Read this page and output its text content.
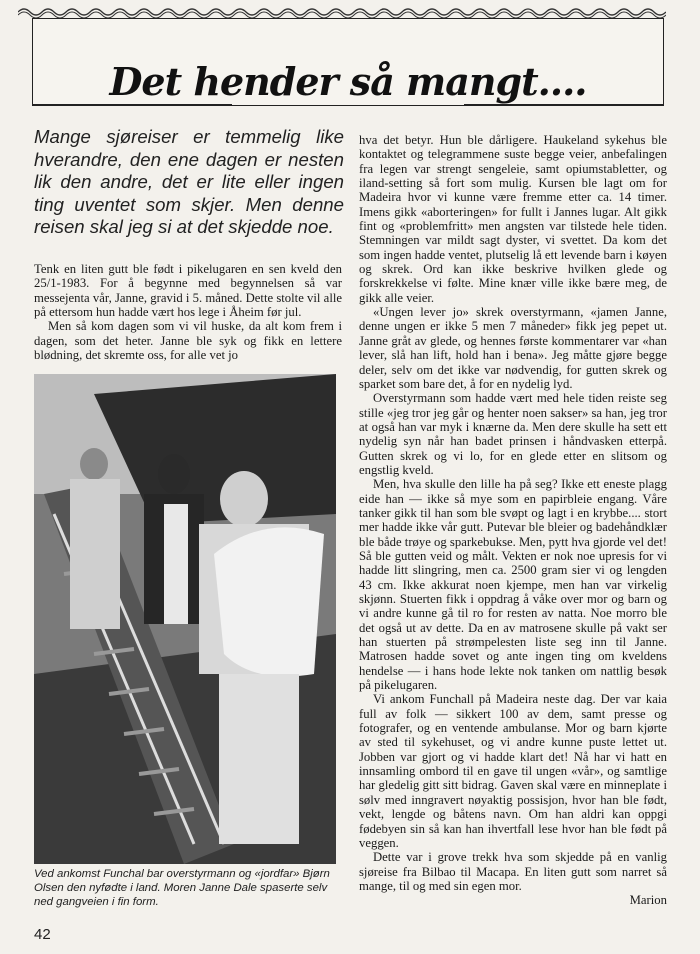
Det hender så mangt....
Mange sjøreiser er temmelig like hverandre, den ene dagen er nesten lik den andre, det er lite eller ingen ting uventet som skjer. Men denne reisen skal jeg si at det skjedde noe.

Tenk en liten gutt ble født i pikelugaren en sen kveld den 25/1-1983. For å begynne med begynnelsen så var messejenta vår, Janne, gravid i 5. måned. Dette stolte vil alle på ettersom hun hadde vært hos lege i Åheim før jul.

Men så kom dagen som vi vil huske, da alt kom frem i dagen, som det heter. Janne ble syk og fikk en lettere blødning, det skremte oss, for alle vet jo

Ved ankomst Funchal bar overstyrmann og «jordfar» Bjørn Olsen den nyfødte i land. Moren Janne Dale spaserte selv ned gangveien i fin form.

hva det betyr. Hun ble dårligere. Haukeland sykehus ble kontaktet og telegrammene suste begge veier, anbefalingen fra legen var strengt sengeleie, samt opiumstabletter, og iland-setting så fort som mulig. Kursen ble lagt om for Madeira hvor vi kunne være fremme etter ca. 14 timer. Imens gikk «aborteringen» for fullt i Jannes lugar. Alt gikk fint og «problemfritt» men angsten var tilstede hele tiden. Stemningen var mildt sagt dyster, vi svettet. Da kom det som ingen hadde ventet, plutselig lå ett levende barn i køyen og skrek. Ord kan ikke beskrive hvilken glede og forskrekkelse vi følte. Mine knær ville ikke bære meg, de gikk alle veier.

«Ungen lever jo» skrek overstyrmann, «jamen Janne, denne ungen er ikke 5 men 7 måneder» fikk jeg pepet ut. Janne gråt av glede, og hennes første kommentarer var «han lever, slå han lift, hold han i bena». Jeg måtte gjøre begge deler, selv om det ikke var nødvendig, for gutten skrek og sparket som bare det, å for en nydelig lyd.

Overstyrmann som hadde vært med hele tiden reiste seg stille «jeg tror jeg går og henter noen sakser» sa han, jeg tror at også han var myk i knærne da. Men dere skulle ha sett ett nydelig syn når han badet prinsen i håndvasken etterpå. Gutten skrek og vi lo, for en glede etter en slitsom og engstlig kveld.

Men, hva skulle den lille ha på seg? Ikke ett eneste plagg eide han — ikke så mye som en papirbleie engang. Våre tanker gikk til han som ble svøpt og lagt i en krybbe.... stort mer hadde ikke vår gutt. Putevar ble bleier og badehåndklær ble både trøye og sparkebukse. Men, pytt hva gjorde vel det! Så ble gutten veid og målt. Vekten er nok noe upresis for vi hadde litt slingring, men ca. 2500 gram sier vi og lengden 43 cm. Ikke akkurat noen kjempe, men han var virkelig skjønn. Stuerten fikk i oppdrag å våke over mor og barn og vi andre kunne gå til ro for resten av natta. Noe morro ble det også ut av dette. Da en av matrosene skulle på vakt ser han stuerten på strømpelesten liste seg inn til Janne. Matrosen hadde sovet og ante ingen ting om kveldens hendelse — i hans hode lekte nok tanken om nattlig besøk på pikelugaren.

Vi ankom Funchall på Madeira neste dag. Der var kaia full av folk — sikkert 100 av dem, samt presse og fotografer, og en ventende ambulanse. Mor og barn kjørte av sted til sykehuset, og vi andre kunne puste lettet ut. Jobben var gjort og vi hadde klart det! Nå har vi hatt en innsamling ombord til en gave til ungen «vår», og samtlige har gledelig gitt sitt bidrag. Gaven skal være en minneplate i sølv med inngravert nøyaktig possisjon, hvor han ble født, vekt, lengde og båtens navn. Om han aldri kan oppgi fødebyen sin så kan han ihvertfall lese hvor han ble født på veggen.

Dette var i grove trekk hva som skjedde på en vanlig sjøreise fra Bilbao til Macapa. En liten gutt som narret så mange, til og med sin egen mor.

Marion
42
